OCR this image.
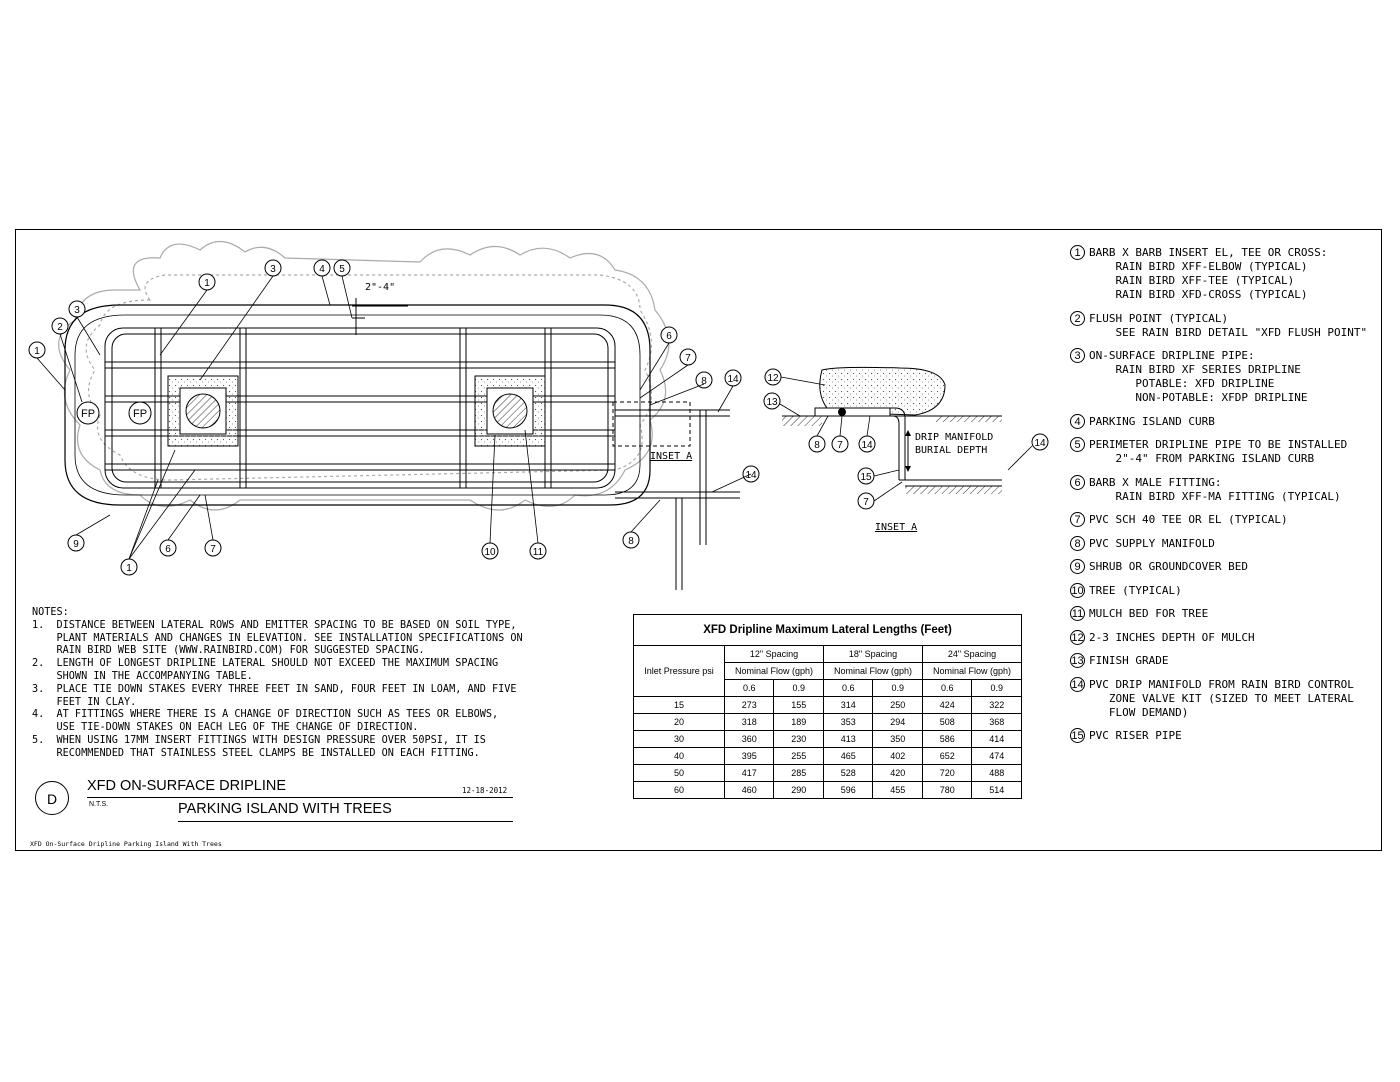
FP	FP
2"-4"
INSET A
1
3	4 5
3
2
1
6
7
8 14
14
8
9
1
6	7	10	11
DRIP MANIFOLD
BURIAL DEPTH
INSET A
12
13
8 7 14
15
7
14
1 BARB X BARB INSERT EL, TEE OR CROSS:
RAIN BIRD XFF-ELBOW (TYPICAL)
RAIN BIRD XFF-TEE (TYPICAL)
RAIN BIRD XFD-CROSS (TYPICAL)
2 FLUSH POINT (TYPICAL)
SEE RAIN BIRD DETAIL "XFD FLUSH POINT"
3 ON-SURFACE DRIPLINE PIPE:
RAIN BIRD XF SERIES DRIPLINE
POTABLE: XFD DRIPLINE
NON-POTABLE: XFDP DRIPLINE
4 PARKING ISLAND CURB
5 PERIMETER DRIPLINE PIPE TO BE INSTALLED
2"-4" FROM PARKING ISLAND CURB
6 BARB X MALE FITTING:
RAIN BIRD XFF-MA FITTING (TYPICAL)
7 PVC SCH 40 TEE OR EL (TYPICAL)
8 PVC SUPPLY MANIFOLD
9 SHRUB OR GROUNDCOVER BED
10 TREE (TYPICAL)
11 MULCH BED FOR TREE
12 2-3 INCHES DEPTH OF MULCH
13 FINISH GRADE
14 PVC DRIP MANIFOLD FROM RAIN BIRD CONTROL
ZONE VALVE KIT (SIZED TO MEET LATERAL
FLOW DEMAND)
15 PVC RISER PIPE
NOTES:
1.  DISTANCE BETWEEN LATERAL ROWS AND EMITTER SPACING TO BE BASED ON SOIL TYPE,
PLANT MATERIALS AND CHANGES IN ELEVATION. SEE INSTALLATION SPECIFICATIONS ON
RAIN BIRD WEB SITE (WWW.RAINBIRD.COM) FOR SUGGESTED SPACING.
2.  LENGTH OF LONGEST DRIPLINE LATERAL SHOULD NOT EXCEED THE MAXIMUM SPACING
SHOWN IN THE ACCOMPANYING TABLE.
3.  PLACE TIE DOWN STAKES EVERY THREE FEET IN SAND, FOUR FEET IN LOAM, AND FIVE
FEET IN CLAY.
4.  AT FITTINGS WHERE THERE IS A CHANGE OF DIRECTION SUCH AS TEES OR ELBOWS,
USE TIE-DOWN STAKES ON EACH LEG OF THE CHANGE OF DIRECTION.
5.  WHEN USING 17MM INSERT FITTINGS WITH DESIGN PRESSURE OVER 50PSI, IT IS
RECOMMENDED THAT STAINLESS STEEL CLAMPS BE INSTALLED ON EACH FITTING.
D
XFD ON-SURFACE DRIPLINE	12-18-2012
N.T.S.	PARKING ISLAND WITH TREES
XFD On-Surface Dripline Parking Island With Trees
XFD Dripline Maximum Lateral Lengths (Feet)						
Inlet Pressure psi	12" Spacing		18" Spacing		24" Spacing	
	Nominal Flow (gph)		Nominal Flow (gph)		Nominal Flow (gph)	
	0.6	0.9	0.6	0.9	0.6	0.9
15	273	155	314	250	424	322
20	318	189	353	294	508	368
30	360	230	413	350	586	414
40	395	255	465	402	652	474
50	417	285	528	420	720	488
60	460	290	596	455	780	514
